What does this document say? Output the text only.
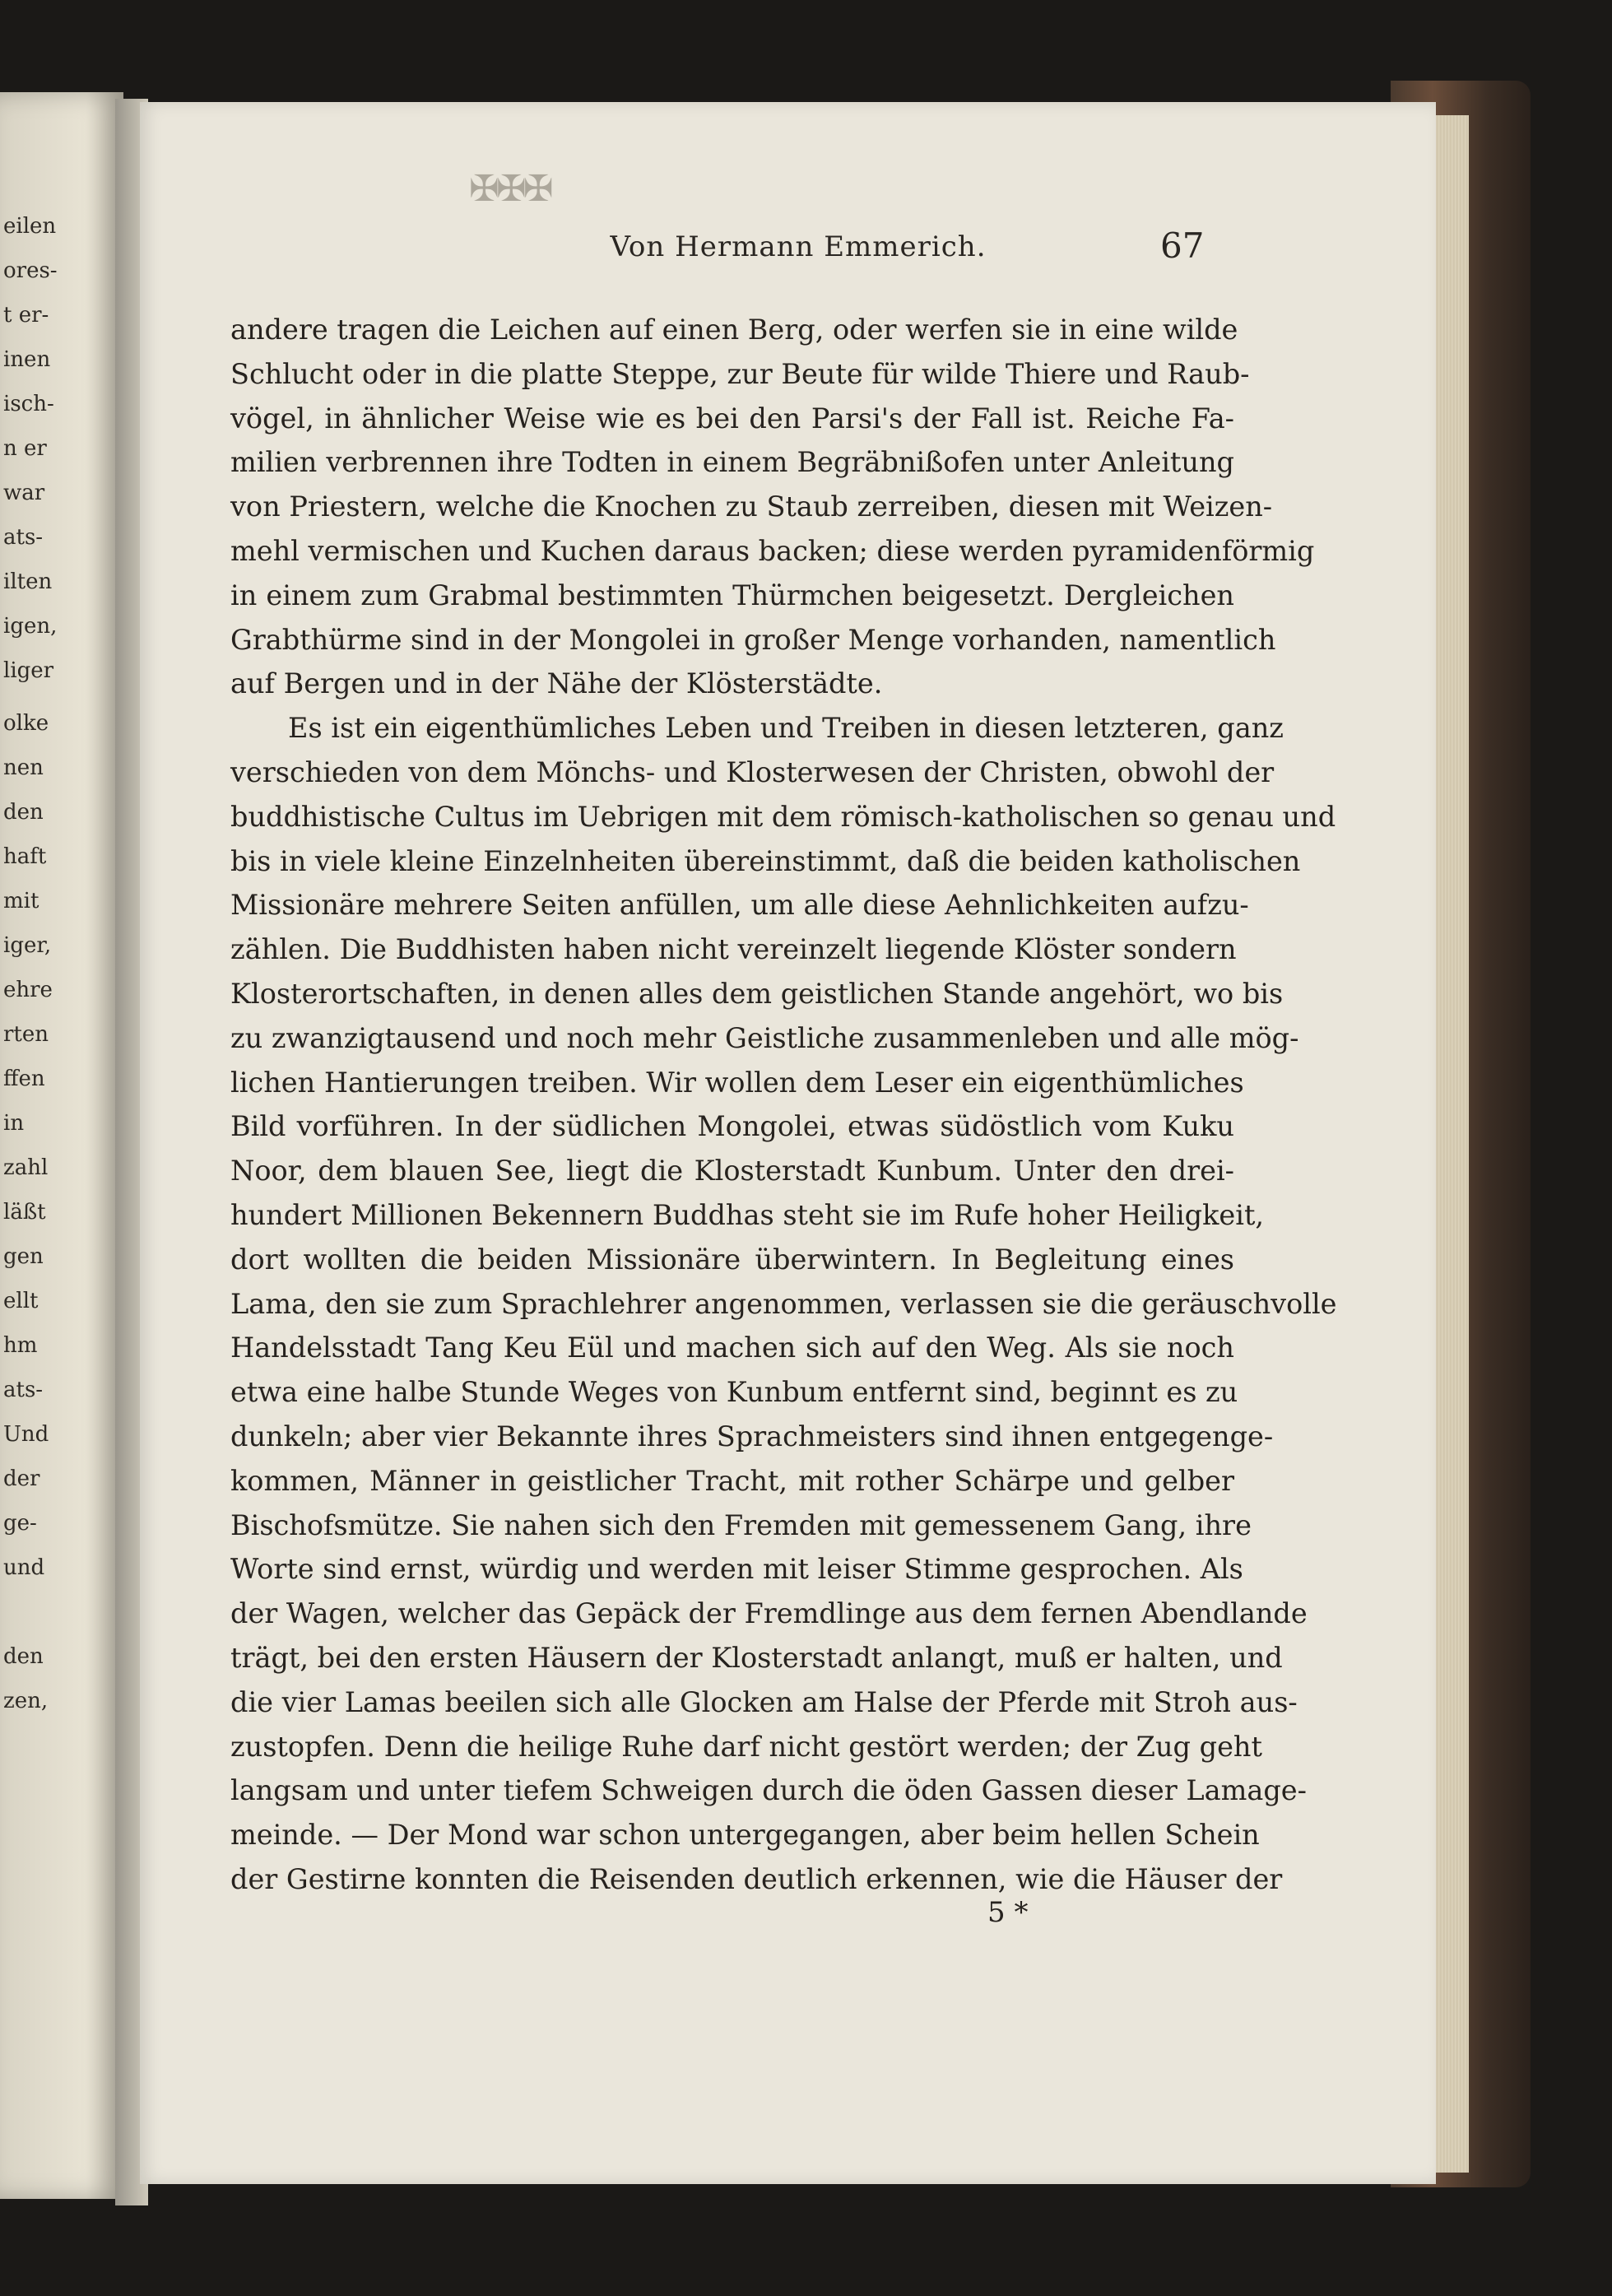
eilen
ores-
t er-
inen
isch-
n er
war
ats-
ilten
igen,
liger
olke
nen
den
haft
mit
iger,
ehre
rten
ffen
in
zahl
läßt
gen
ellt
hm
ats-
Und
der
ge-
und
den
zen,
✠✠✠
Von Hermann Emmerich.	67
andere tragen die Leichen auf einen Berg, oder werfen sie in eine wilde
Schlucht oder in die platte Steppe, zur Beute für wilde Thiere und Raub-
vögel, in ähnlicher Weise wie es bei den Parsi's der Fall ist. Reiche Fa-
milien verbrennen ihre Todten in einem Begräbnißofen unter Anleitung
von Priestern, welche die Knochen zu Staub zerreiben, diesen mit Weizen-
mehl vermischen und Kuchen daraus backen; diese werden pyramidenförmig
in einem zum Grabmal bestimmten Thürmchen beigesetzt. Dergleichen
Grabthürme sind in der Mongolei in großer Menge vorhanden, namentlich
auf Bergen und in der Nähe der Klösterstädte.
Es ist ein eigenthümliches Leben und Treiben in diesen letzteren, ganz
verschieden von dem Mönchs- und Klosterwesen der Christen, obwohl der
buddhistische Cultus im Uebrigen mit dem römisch-katholischen so genau und
bis in viele kleine Einzelnheiten übereinstimmt, daß die beiden katholischen
Missionäre mehrere Seiten anfüllen, um alle diese Aehnlichkeiten aufzu-
zählen. Die Buddhisten haben nicht vereinzelt liegende Klöster sondern
Klosterortschaften, in denen alles dem geistlichen Stande angehört, wo bis
zu zwanzigtausend und noch mehr Geistliche zusammenleben und alle mög-
lichen Hantierungen treiben. Wir wollen dem Leser ein eigenthümliches
Bild vorführen. In der südlichen Mongolei, etwas südöstlich vom Kuku
Noor, dem blauen See, liegt die Klosterstadt Kunbum. Unter den drei-
hundert Millionen Bekennern Buddhas steht sie im Rufe hoher Heiligkeit,
dort wollten die beiden Missionäre überwintern. In Begleitung eines
Lama, den sie zum Sprachlehrer angenommen, verlassen sie die geräuschvolle
Handelsstadt Tang Keu Eül und machen sich auf den Weg. Als sie noch
etwa eine halbe Stunde Weges von Kunbum entfernt sind, beginnt es zu
dunkeln; aber vier Bekannte ihres Sprachmeisters sind ihnen entgegenge-
kommen, Männer in geistlicher Tracht, mit rother Schärpe und gelber
Bischofsmütze. Sie nahen sich den Fremden mit gemessenem Gang, ihre
Worte sind ernst, würdig und werden mit leiser Stimme gesprochen. Als
der Wagen, welcher das Gepäck der Fremdlinge aus dem fernen Abendlande
trägt, bei den ersten Häusern der Klosterstadt anlangt, muß er halten, und
die vier Lamas beeilen sich alle Glocken am Halse der Pferde mit Stroh aus-
zustopfen. Denn die heilige Ruhe darf nicht gestört werden; der Zug geht
langsam und unter tiefem Schweigen durch die öden Gassen dieser Lamage-
meinde. — Der Mond war schon untergegangen, aber beim hellen Schein
der Gestirne konnten die Reisenden deutlich erkennen, wie die Häuser der
5 *
